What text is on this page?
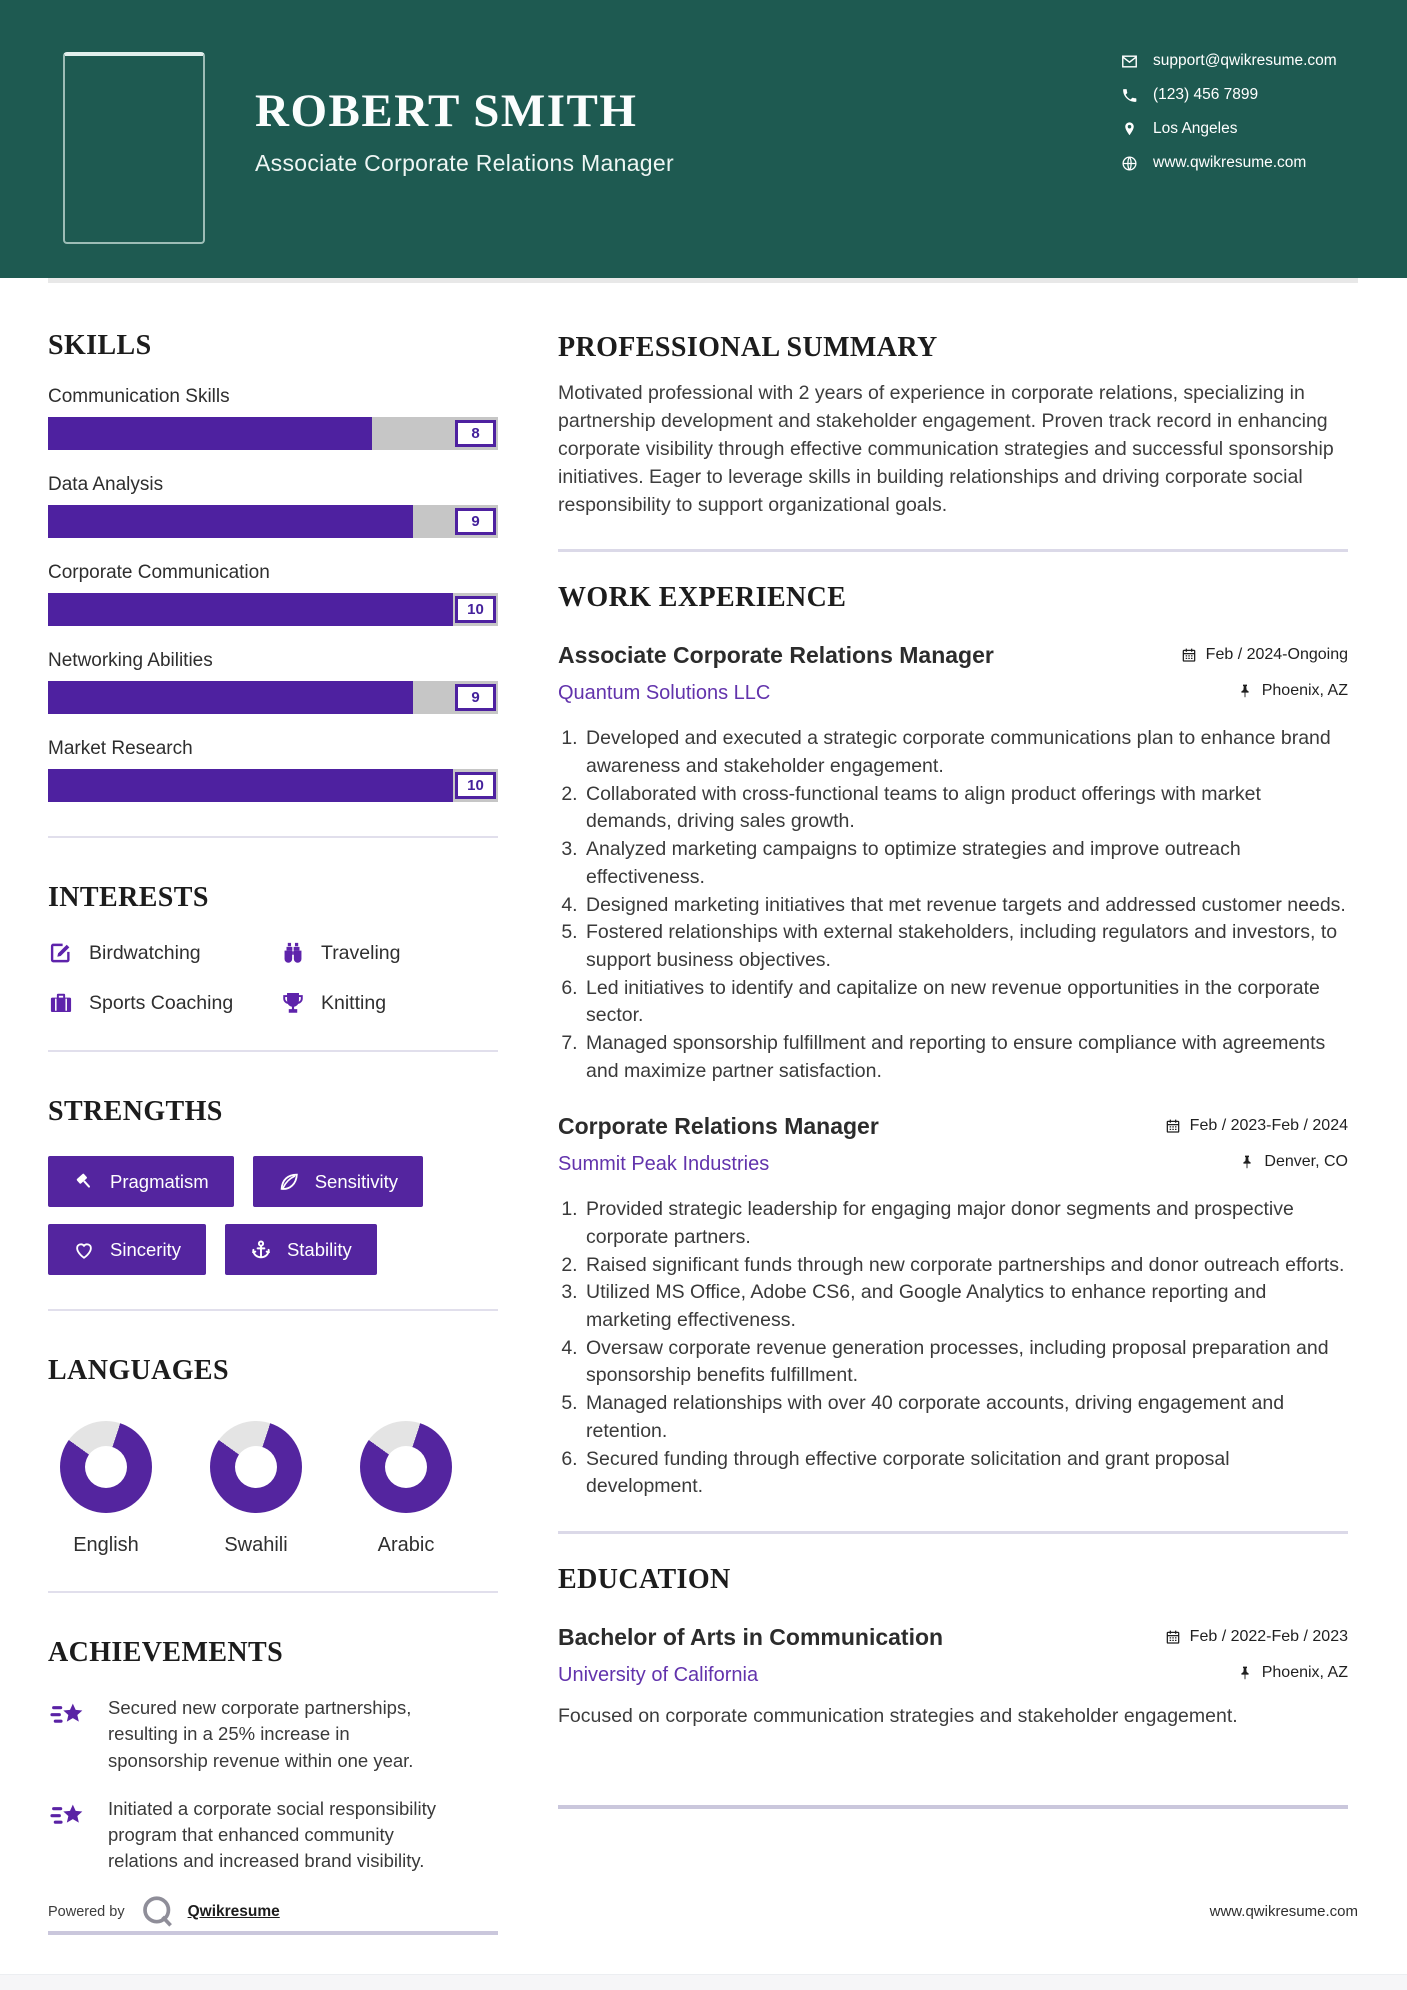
ROBERT SMITH
Associate Corporate Relations Manager
support@qwikresume.com
(123) 456 7899
Los Angeles
www.qwikresume.com
SKILLS
Communication Skills
8
Data Analysis
9
Corporate Communication
10
Networking Abilities
9
Market Research
10
INTERESTS
Birdwatching	Traveling
Sports Coaching	Knitting
STRENGTHS
Pragmatism	Sensitivity
Sincerity	Stability
LANGUAGES
English	Swahili	Arabic
ACHIEVEMENTS
Secured new corporate partnerships, resulting in a 25% increase in sponsorship revenue within one year.
Initiated a corporate social responsibility program that enhanced community relations and increased brand visibility.
PROFESSIONAL SUMMARY

Motivated professional with 2 years of experience in corporate relations, specializing in partnership development and stakeholder engagement. Proven track record in enhancing corporate visibility through effective communication strategies and successful sponsorship initiatives. Eager to leverage skills in building relationships and driving corporate social responsibility to support organizational goals.

WORK EXPERIENCE
Associate Corporate Relations Manager	Feb / 2024-Ongoing
Quantum Solutions LLC	Phoenix, AZ
1. Developed and executed a strategic corporate communications plan to enhance brand awareness and stakeholder engagement.
2. Collaborated with cross-functional teams to align product offerings with market demands, driving sales growth.
3. Analyzed marketing campaigns to optimize strategies and improve outreach effectiveness.
4. Designed marketing initiatives that met revenue targets and addressed customer needs.
5. Fostered relationships with external stakeholders, including regulators and investors, to support business objectives.
6. Led initiatives to identify and capitalize on new revenue opportunities in the corporate sector.
7. Managed sponsorship fulfillment and reporting to ensure compliance with agreements and maximize partner satisfaction.
Corporate Relations Manager	Feb / 2023-Feb / 2024
Summit Peak Industries	Denver, CO
1. Provided strategic leadership for engaging major donor segments and prospective corporate partners.
2. Raised significant funds through new corporate partnerships and donor outreach efforts.
3. Utilized MS Office, Adobe CS6, and Google Analytics to enhance reporting and marketing effectiveness.
4. Oversaw corporate revenue generation processes, including proposal preparation and sponsorship benefits fulfillment.
5. Managed relationships with over 40 corporate accounts, driving engagement and retention.
6. Secured funding through effective corporate solicitation and grant proposal development.
EDUCATION
Bachelor of Arts in Communication	Feb / 2022-Feb / 2023
University of California	Phoenix, AZ

Focused on corporate communication strategies and stakeholder engagement.

Powered by	Qwikresume	www.qwikresume.com
